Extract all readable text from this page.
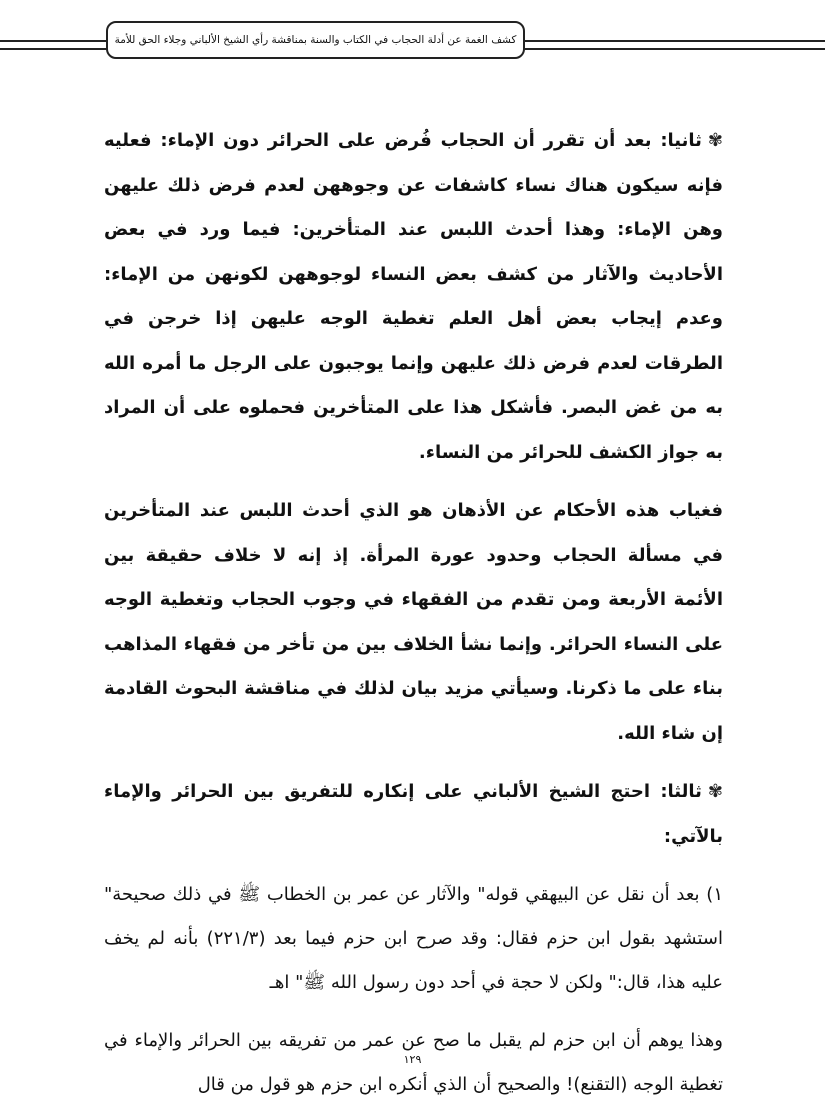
كشف الغمة عن أدلة الحجاب في الكتاب والسنة بمناقشة رأي الشيخ الألباني وجلاء الحق للأمة

✾ثانيا: بعد أن تقرر أن الحجاب فُرض على الحرائر دون الإماء: فعليه فإنه سيكون هناك نساء كاشفات عن وجوههن لعدم فرض ذلك عليهن وهن الإماء: وهذا أحدث اللبس عند المتأخرين: فيما ورد في بعض الأحاديث والآثار من كشف بعض النساء لوجوههن لكونهن من الإماء: وعدم إيجاب بعض أهل العلم تغطية الوجه عليهن إذا خرجن في الطرقات لعدم فرض ذلك عليهن وإنما يوجبون على الرجل ما أمره الله به من غض البصر. فأشكل هذا على المتأخرين فحملوه على أن المراد به جواز الكشف للحرائر من النساء.

فغياب هذه الأحكام عن الأذهان هو الذي أحدث اللبس عند المتأخرين في مسألة الحجاب وحدود عورة المرأة. إذ إنه لا خلاف حقيقة بين الأئمة الأربعة ومن تقدم من الفقهاء في وجوب الحجاب وتغطية الوجه على النساء الحرائر. وإنما نشأ الخلاف بين من تأخر من فقهاء المذاهب بناء على ما ذكرنا. وسيأتي مزيد بيان لذلك في مناقشة البحوث القادمة إن شاء الله.

✾ثالثا: احتج الشيخ الألباني على إنكاره للتفريق بين الحرائر والإماء بالآتي:

١) بعد أن نقل عن البيهقي قوله" والآثار عن عمر بن الخطاب ﷺ في ذلك صحيحة" استشهد بقول ابن حزم فقال: وقد صرح ابن حزم فيما بعد (٢٢١/٣) بأنه لم يخف عليه هذا، قال:" ولكن لا حجة في أحد دون رسول الله ﷺ" اهـ

وهذا يوهم أن ابن حزم لم يقبل ما صح عن عمر من تفريقه بين الحرائر والإماء في تغطية الوجه (التقنع)! والصحيح أن الذي أنكره ابن حزم هو قول من قال

١٢٩
